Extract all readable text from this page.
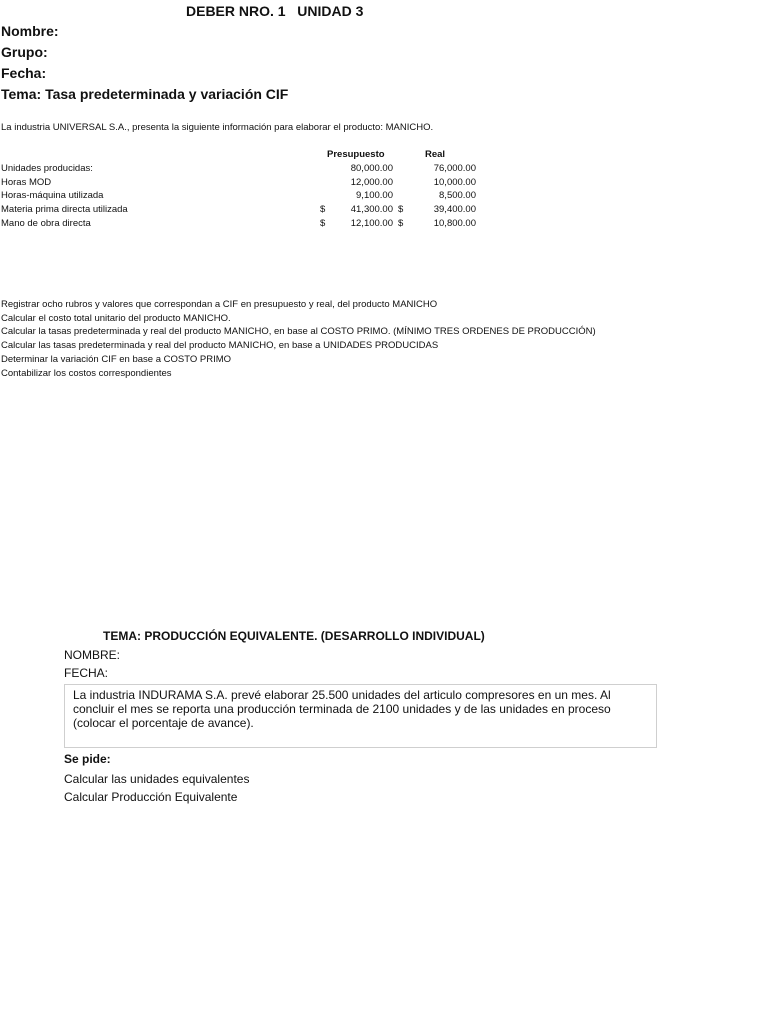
DEBER NRO. 1   UNIDAD 3
Nombre:
Grupo:
Fecha:
Tema: Tasa predeterminada y variación CIF
La industria UNIVERSAL S.A., presenta la siguiente información para elaborar el producto: MANICHO.
Presupuesto	Real
Unidades producidas:	80,000.00	76,000.00
Horas MOD	12,000.00	10,000.00
Horas-máquina utilizada	9,100.00	8,500.00
Materia prima directa utilizada	$	41,300.00 $	39,400.00
Mano de obra directa	$	12,100.00 $	10,800.00
Registrar ocho rubros y valores que correspondan a CIF en presupuesto y real, del producto MANICHO
Calcular el costo total unitario del producto MANICHO.
Calcular la tasas predeterminada y real del producto MANICHO, en base al COSTO PRIMO. (MÍNIMO TRES ORDENES DE PRODUCCIÓN)
Calcular las tasas predeterminada y real del producto MANICHO, en base a UNIDADES PRODUCIDAS
Determinar la variación CIF en base a COSTO PRIMO
Contabilizar los costos correspondientes
TEMA: PRODUCCIÓN EQUIVALENTE. (DESARROLLO INDIVIDUAL)
NOMBRE:
FECHA:
La industria INDURAMA S.A. prevé elaborar 25.500 unidades del articulo compresores en un mes. Al concluir el mes se reporta una producción terminada de 2100 unidades y de las unidades en proceso (colocar el porcentaje de avance).
Se pide:
Calcular las unidades equivalentes
Calcular Producción Equivalente
